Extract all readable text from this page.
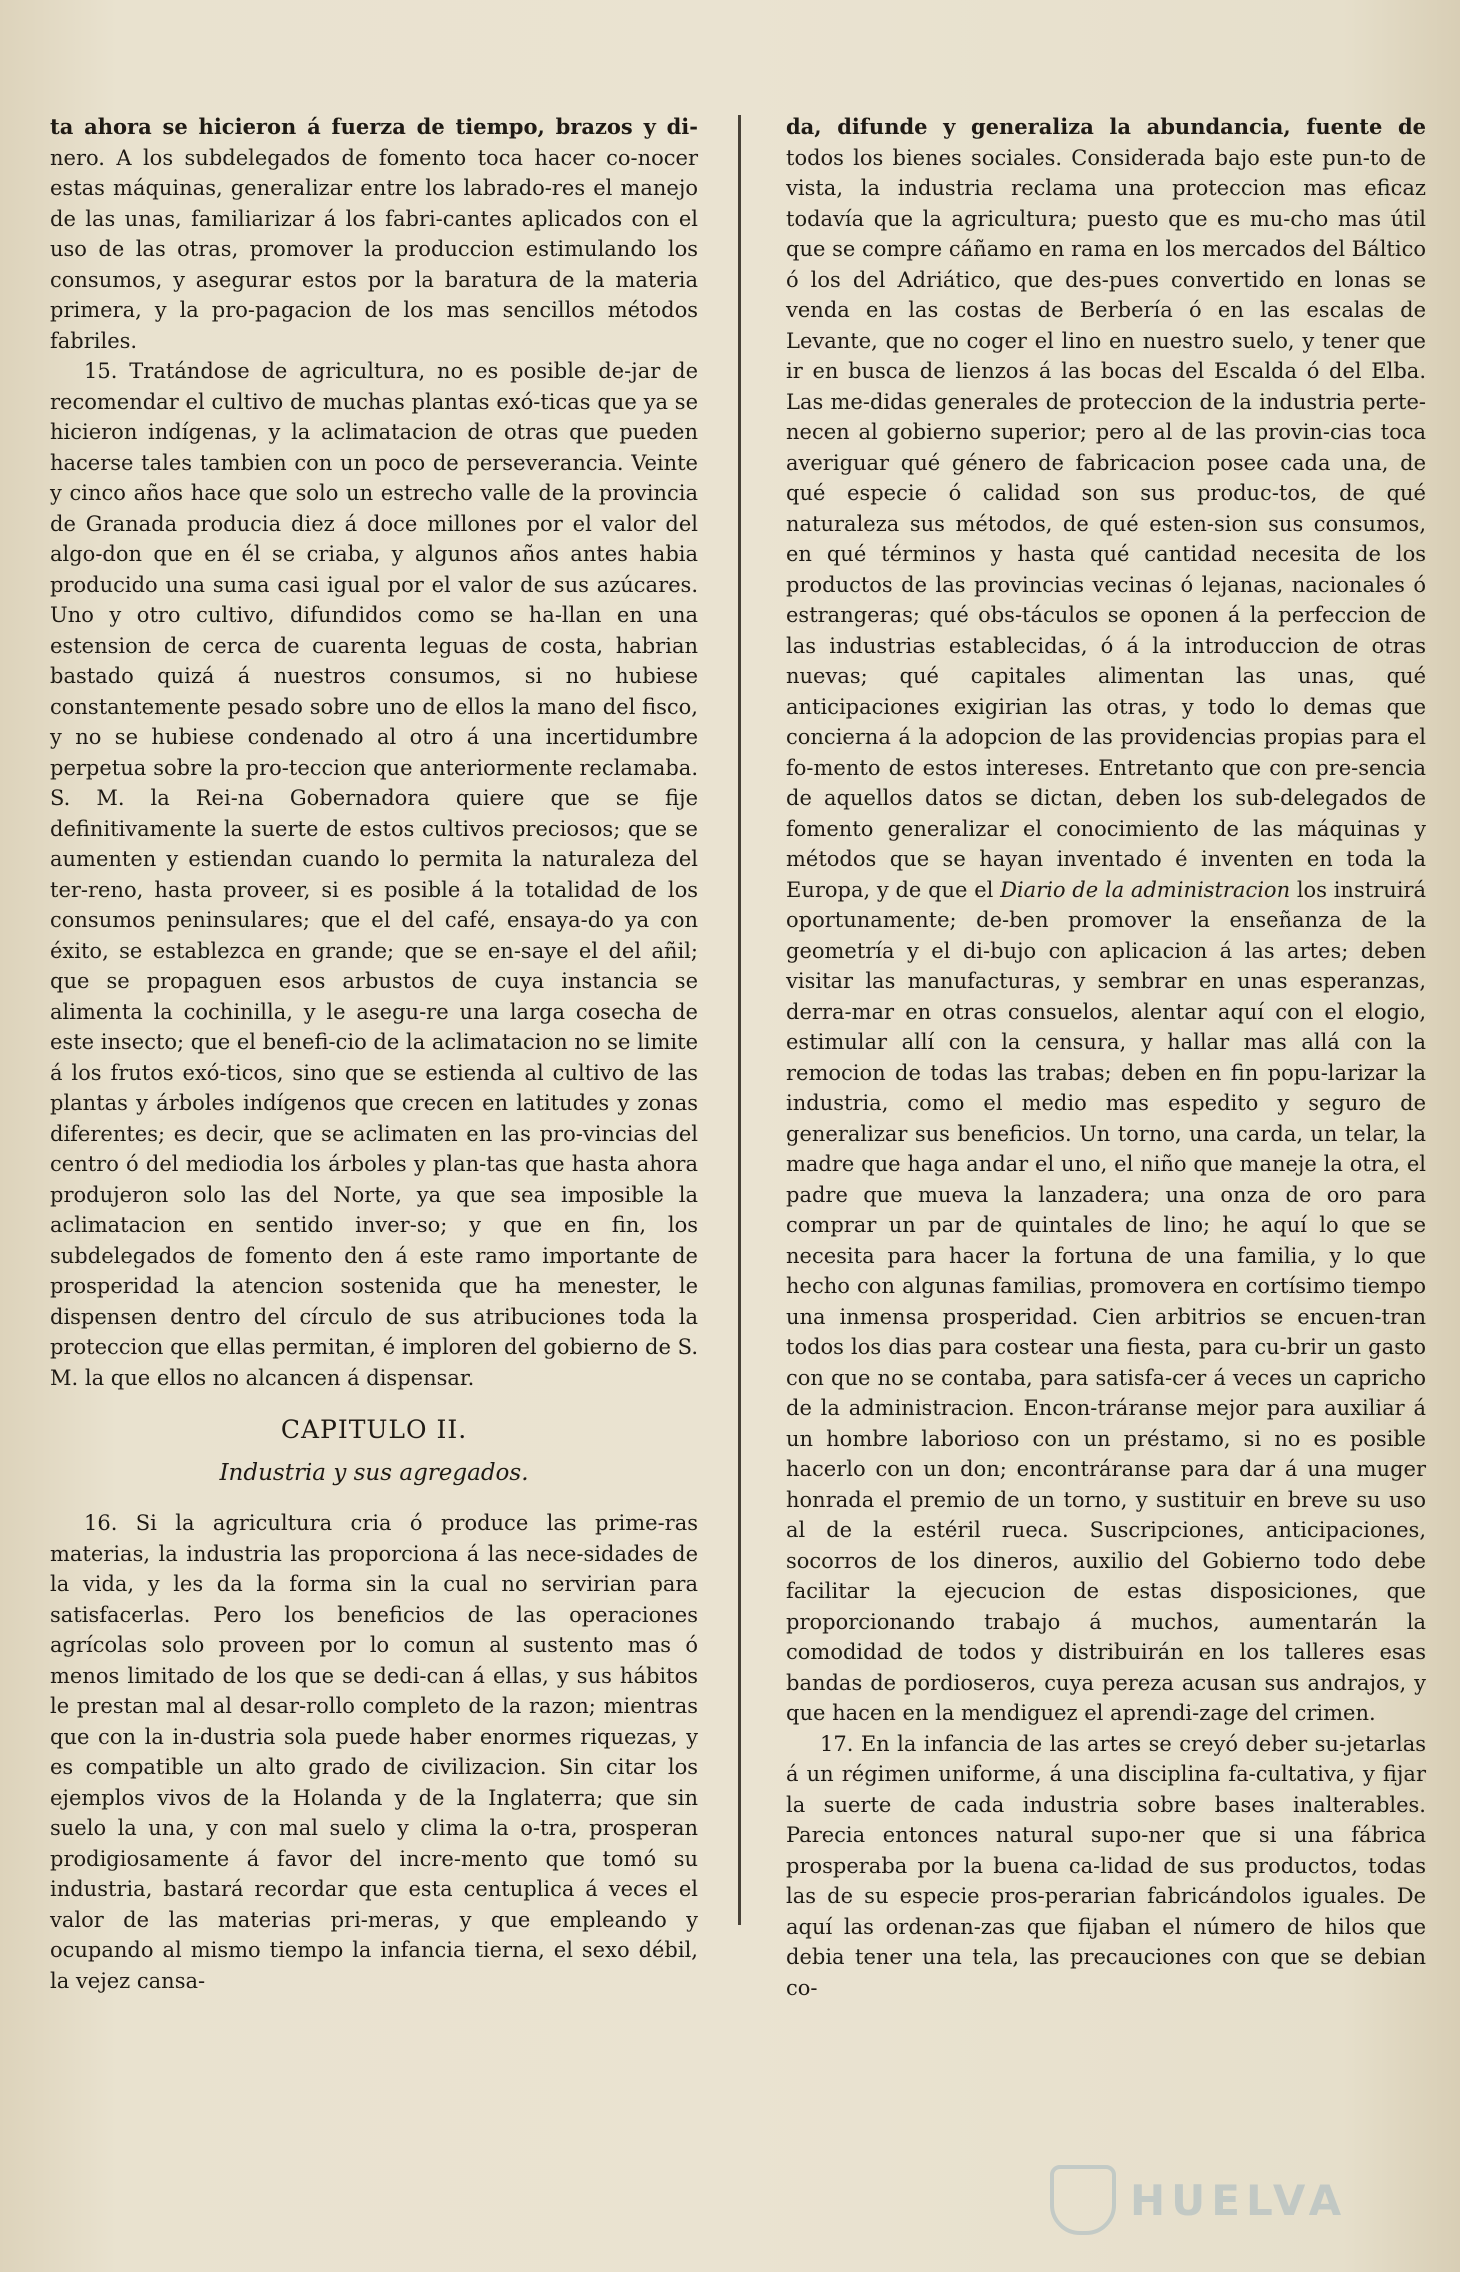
ta ahora se hicieron á fuerza de tiempo, brazos y di- nero. A los subdelegados de fomento toca hacer co-nocer estas máquinas, generalizar entre los labrado-res el manejo de las unas, familiarizar á los fabri-cantes aplicados con el uso de las otras, promover la produccion estimulando los consumos, y asegurar estos por la baratura de la materia primera, y la pro-pagacion de los mas sencillos métodos fabriles.

15. Tratándose de agricultura, no es posible de-jar de recomendar el cultivo de muchas plantas exó-ticas que ya se hicieron indígenas, y la aclimatacion de otras que pueden hacerse tales tambien con un poco de perseverancia. Veinte y cinco años hace que solo un estrecho valle de la provincia de Granada producia diez á doce millones por el valor del algo-don que en él se criaba, y algunos años antes habia producido una suma casi igual por el valor de sus azúcares. Uno y otro cultivo, difundidos como se ha-llan en una estension de cerca de cuarenta leguas de costa, habrian bastado quizá á nuestros consumos, si no hubiese constantemente pesado sobre uno de ellos la mano del fisco, y no se hubiese condenado al otro á una incertidumbre perpetua sobre la pro-teccion que anteriormente reclamaba. S. M. la Rei-na Gobernadora quiere que se fije definitivamente la suerte de estos cultivos preciosos; que se aumenten y estiendan cuando lo permita la naturaleza del ter-reno, hasta proveer, si es posible á la totalidad de los consumos peninsulares; que el del café, ensaya-do ya con éxito, se establezca en grande; que se en-saye el del añil; que se propaguen esos arbustos de cuya instancia se alimenta la cochinilla, y le asegu-re una larga cosecha de este insecto; que el benefi-cio de la aclimatacion no se limite á los frutos exó-ticos, sino que se estienda al cultivo de las plantas y árboles indígenos que crecen en latitudes y zonas diferentes; es decir, que se aclimaten en las pro-vincias del centro ó del mediodia los árboles y plan-tas que hasta ahora produjeron solo las del Norte, ya que sea imposible la aclimatacion en sentido inver-so; y que en fin, los subdelegados de fomento den á este ramo importante de prosperidad la atencion sostenida que ha menester, le dispensen dentro del círculo de sus atribuciones toda la proteccion que ellas permitan, é imploren del gobierno de S. M. la que ellos no alcancen á dispensar.

CAPITULO II.
Industria y sus agregados.

16. Si la agricultura cria ó produce las prime-ras materias, la industria las proporciona á las nece-sidades de la vida, y les da la forma sin la cual no servirian para satisfacerlas. Pero los beneficios de las operaciones agrícolas solo proveen por lo comun al sustento mas ó menos limitado de los que se dedi-can á ellas, y sus hábitos le prestan mal al desar-rollo completo de la razon; mientras que con la in-dustria sola puede haber enormes riquezas, y es compatible un alto grado de civilizacion. Sin citar los ejemplos vivos de la Holanda y de la Inglaterra; que sin suelo la una, y con mal suelo y clima la o-tra, prosperan prodigiosamente á favor del incre-mento que tomó su industria, bastará recordar que esta centuplica á veces el valor de las materias pri-meras, y que empleando y ocupando al mismo tiempo la infancia tierna, el sexo débil, la vejez cansa-

da, difunde y generaliza la abundancia, fuente de todos los bienes sociales. Considerada bajo este pun-to de vista, la industria reclama una proteccion mas eficaz todavía que la agricultura; puesto que es mu-cho mas útil que se compre cáñamo en rama en los mercados del Báltico ó los del Adriático, que des-pues convertido en lonas se venda en las costas de Berbería ó en las escalas de Levante, que no coger el lino en nuestro suelo, y tener que ir en busca de lienzos á las bocas del Escalda ó del Elba. Las me-didas generales de proteccion de la industria perte-necen al gobierno superior; pero al de las provin-cias toca averiguar qué género de fabricacion posee cada una, de qué especie ó calidad son sus produc-tos, de qué naturaleza sus métodos, de qué esten-sion sus consumos, en qué términos y hasta qué cantidad necesita de los productos de las provincias vecinas ó lejanas, nacionales ó estrangeras; qué obs-táculos se oponen á la perfeccion de las industrias establecidas, ó á la introduccion de otras nuevas; qué capitales alimentan las unas, qué anticipaciones exigirian las otras, y todo lo demas que concierna á la adopcion de las providencias propias para el fo-mento de estos intereses. Entretanto que con pre-sencia de aquellos datos se dictan, deben los sub-delegados de fomento generalizar el conocimiento de las máquinas y métodos que se hayan inventado é inventen en toda la Europa, y de que el Diario de la administracion los instruirá oportunamente; de-ben promover la enseñanza de la geometría y el di-bujo con aplicacion á las artes; deben visitar las manufacturas, y sembrar en unas esperanzas, derra-mar en otras consuelos, alentar aquí con el elogio, estimular allí con la censura, y hallar mas allá con la remocion de todas las trabas; deben en fin popu-larizar la industria, como el medio mas espedito y seguro de generalizar sus beneficios. Un torno, una carda, un telar, la madre que haga andar el uno, el niño que maneje la otra, el padre que mueva la lanzadera; una onza de oro para comprar un par de quintales de lino; he aquí lo que se necesita para hacer la fortuna de una familia, y lo que hecho con algunas familias, promovera en cortísimo tiempo una inmensa prosperidad. Cien arbitrios se encuen-tran todos los dias para costear una fiesta, para cu-brir un gasto con que no se contaba, para satisfa-cer á veces un capricho de la administracion. Encon-tráranse mejor para auxiliar á un hombre laborioso con un préstamo, si no es posible hacerlo con un don; encontráranse para dar á una muger honrada el premio de un torno, y sustituir en breve su uso al de la estéril rueca. Suscripciones, anticipaciones, socorros de los dineros, auxilio del Gobierno todo debe facilitar la ejecucion de estas disposiciones, que proporcionando trabajo á muchos, aumentarán la comodidad de todos y distribuirán en los talleres esas bandas de pordioseros, cuya pereza acusan sus andrajos, y que hacen en la mendiguez el aprendi-zage del crimen.

17. En la infancia de las artes se creyó deber su-jetarlas á un régimen uniforme, á una disciplina fa-cultativa, y fijar la suerte de cada industria sobre bases inalterables. Parecia entonces natural supo-ner que si una fábrica prosperaba por la buena ca-lidad de sus productos, todas las de su especie pros-perarian fabricándolos iguales. De aquí las ordenan-zas que fijaban el número de hilos que debia tener una tela, las precauciones con que se debian co-

HUELVA
